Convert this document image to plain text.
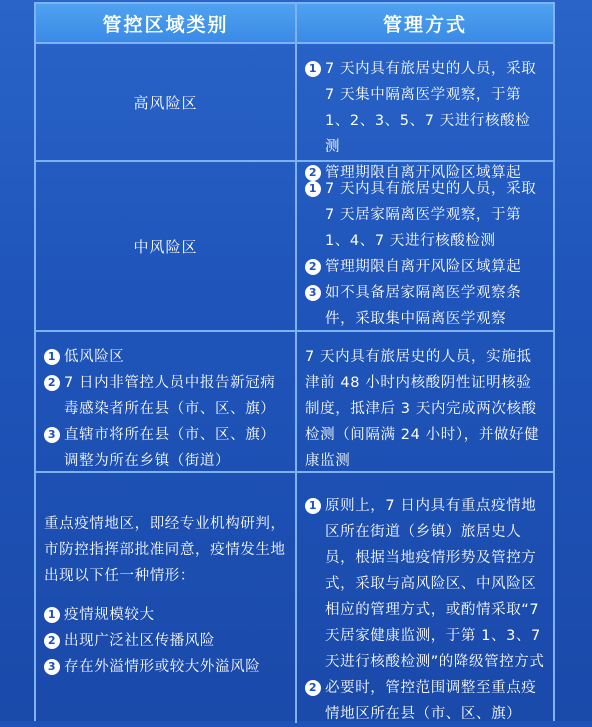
管控区域类别	管理方式
高风险区
1 7 天内具有旅居史的人员，采取 7 天集中隔离医学观察，于第 1、2、3、5、7 天进行核酸检测
2 管理期限自离开风险区域算起
中风险区
1 7 天内具有旅居史的人员，采取 7 天居家隔离医学观察，于第 1、4、7 天进行核酸检测
2 管理期限自离开风险区域算起
3 如不具备居家隔离医学观察条件，采取集中隔离医学观察
1 低风险区
2 7 日内非管控人员中报告新冠病毒感染者所在县（市、区、旗）
3 直辖市将所在县（市、区、旗）调整为所在乡镇（街道）

7 天内具有旅居史的人员，实施抵津前 48 小时内核酸阴性证明核验制度，抵津后 3 天内完成两次核酸检测（间隔满 24 小时），并做好健康监测

重点疫情地区，即经专业机构研判，市防控指挥部批准同意，疫情发生地出现以下任一种情形：

1 疫情规模较大
2 出现广泛社区传播风险
3 存在外溢情形或较大外溢风险
1 原则上，7 日内具有重点疫情地区所在街道（乡镇）旅居史人员，根据当地疫情形势及管控方式，采取与高风险区、中风险区相应的管理方式，或酌情采取“7 天居家健康监测，于第 1、3、7 天进行核酸检测”的降级管控方式
2 必要时，管控范围调整至重点疫情地区所在县（市、区、旗）
